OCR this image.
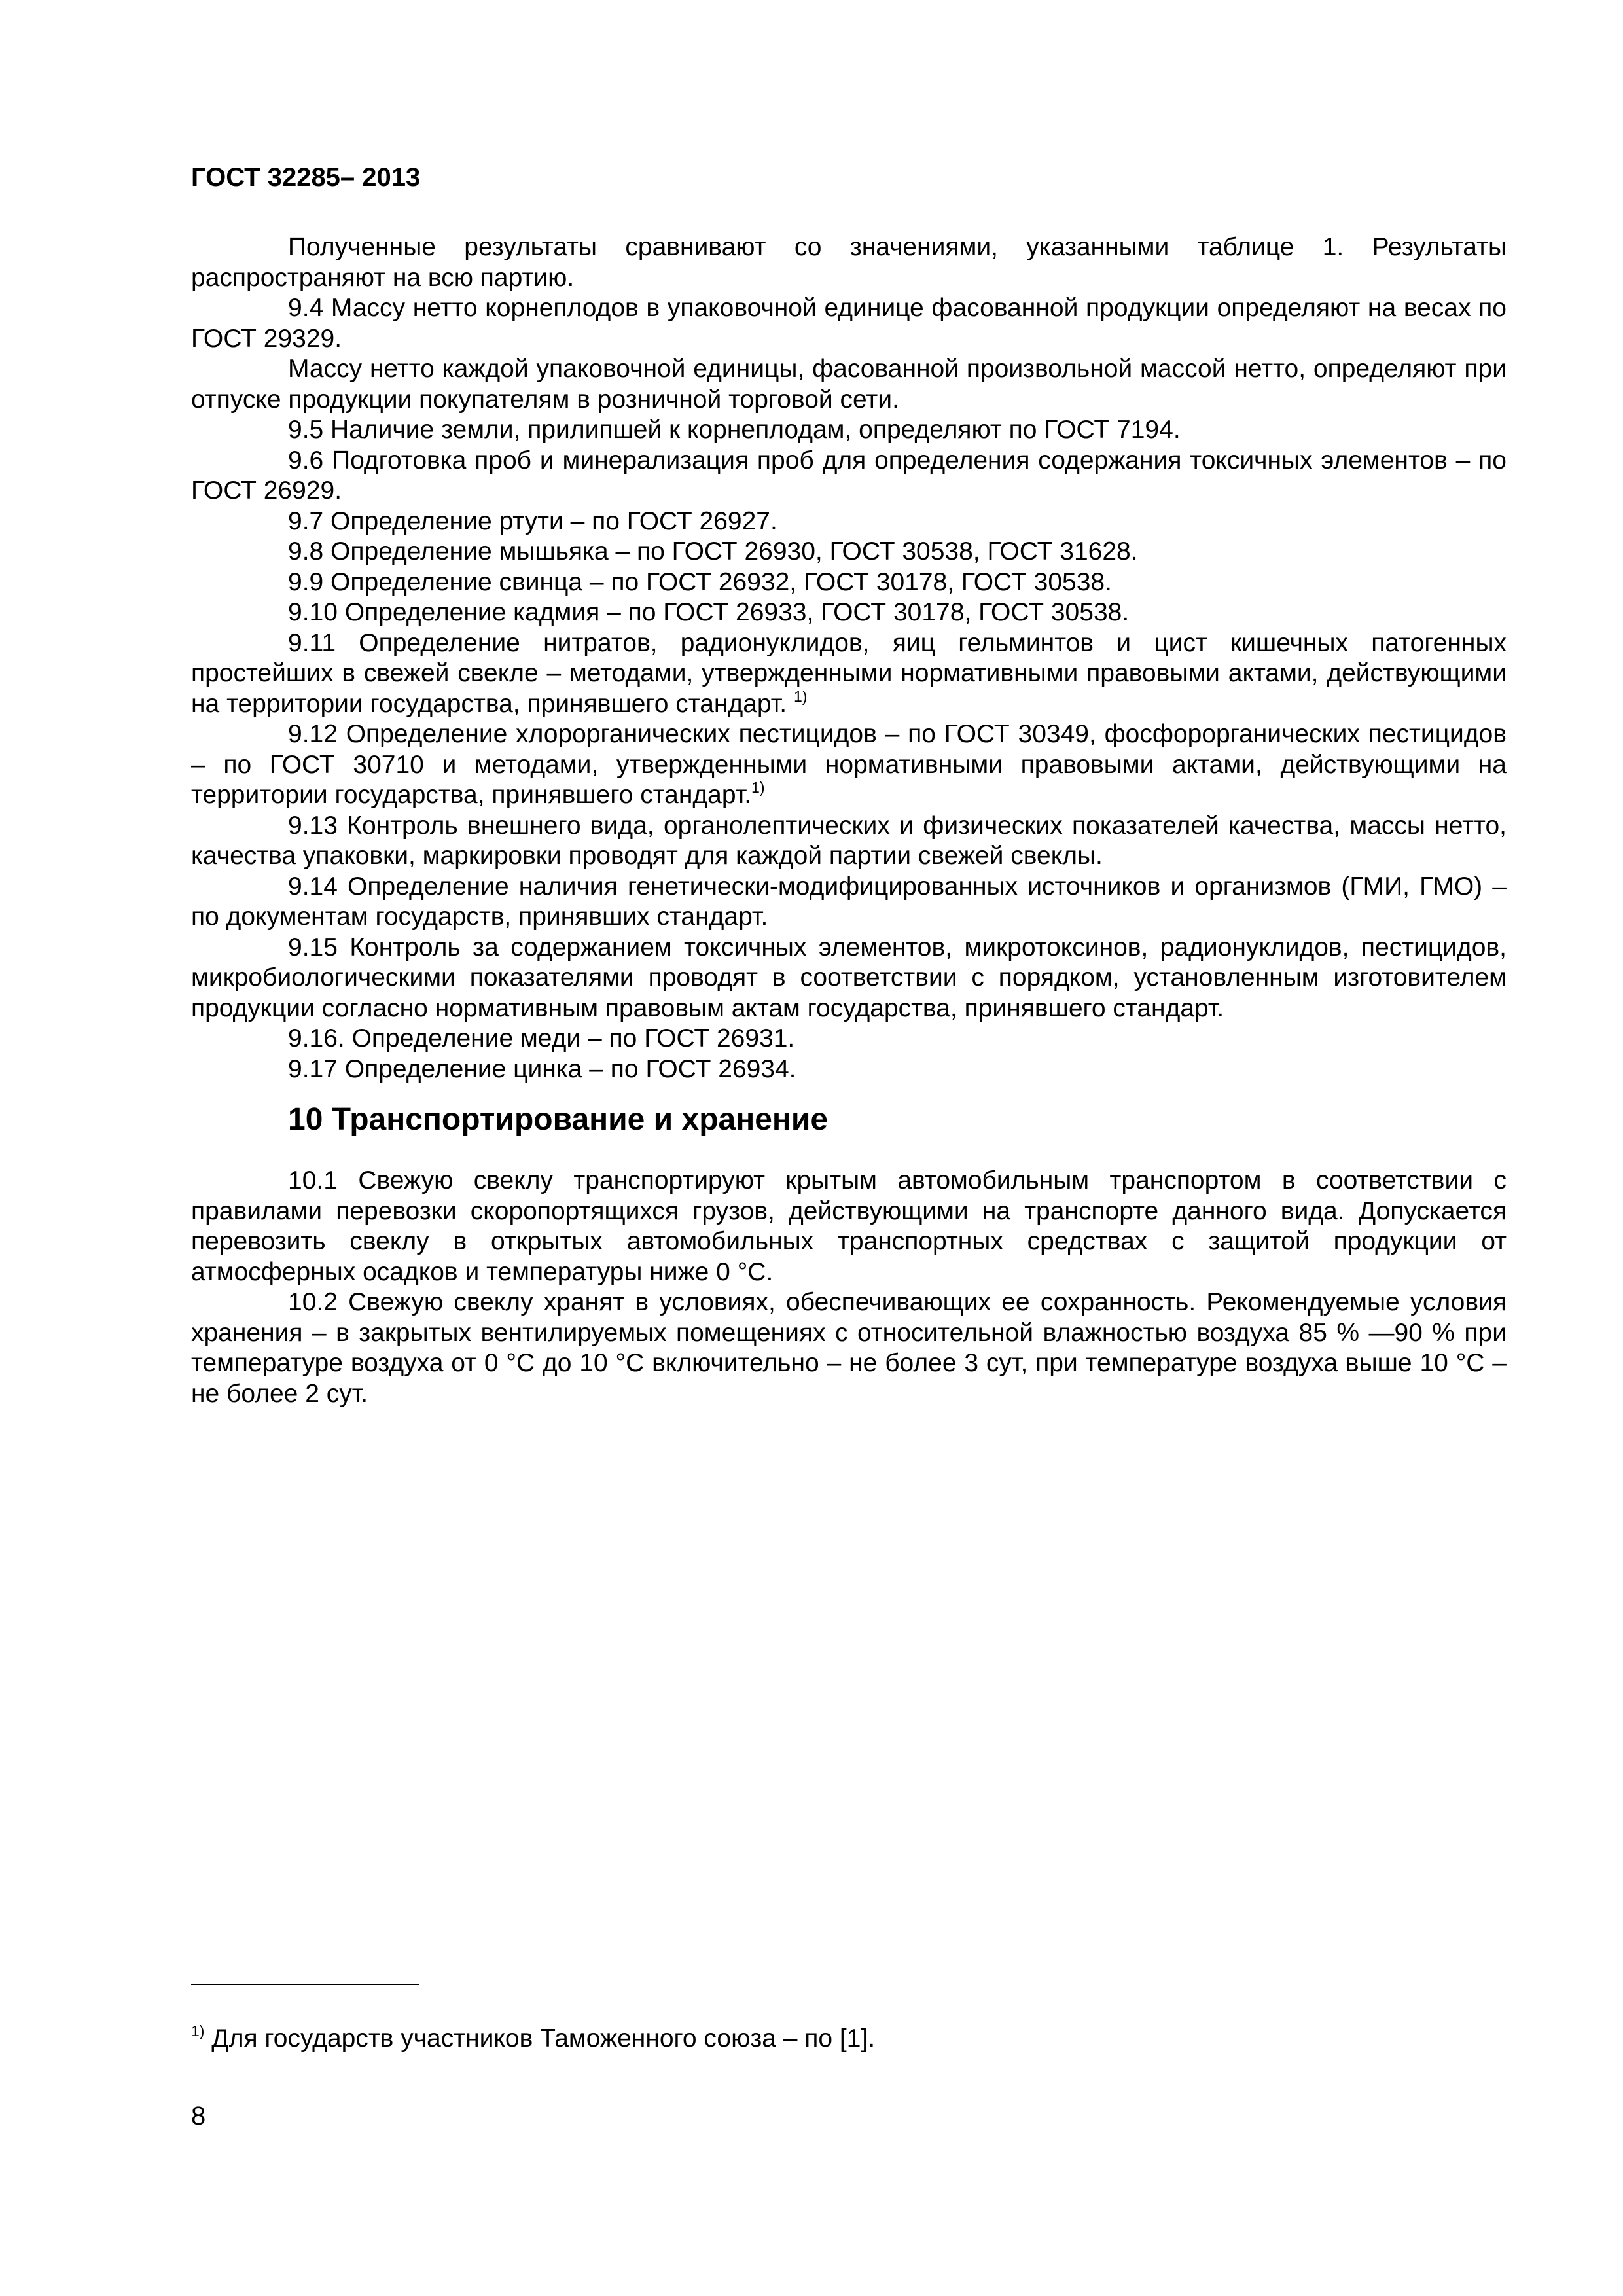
ГОСТ 32285– 2013

Полученные результаты сравнивают со значениями, указанными таблице 1. Результаты распространяют на всю партию.

9.4 Массу нетто корнеплодов в упаковочной единице фасованной продукции определяют на весах по ГОСТ 29329.

Массу нетто каждой упаковочной единицы, фасованной произвольной массой нетто, определяют при отпуске продукции покупателям в розничной торговой сети.

9.5 Наличие земли, прилипшей к корнеплодам, определяют по ГОСТ 7194.

9.6 Подготовка проб и минерализация проб для определения содержания токсичных элементов – по ГОСТ 26929.

9.7 Определение ртути – по ГОСТ 26927.

9.8 Определение мышьяка – по ГОСТ 26930, ГОСТ 30538, ГОСТ 31628.

9.9 Определение свинца – по ГОСТ 26932, ГОСТ 30178, ГОСТ 30538.

9.10 Определение кадмия – по ГОСТ 26933, ГОСТ 30178, ГОСТ 30538.

9.11 Определение нитратов, радионуклидов, яиц гельминтов и цист кишечных патогенных простейших в свежей свекле – методами, утвержденными нормативными правовыми актами, действующими на территории государства, принявшего стандарт. $^{1)}$

9.12 Определение хлорорганических пестицидов – по ГОСТ 30349, фосфорорганических пестицидов – по ГОСТ 30710 и методами, утвержденными нормативными правовыми актами, действующими на территории государства, принявшего стандарт.$^{1)}$

9.13 Контроль внешнего вида, органолептических и физических показателей качества, массы нетто, качества упаковки, маркировки проводят для каждой партии свежей свеклы.

9.14 Определение наличия генетически-модифицированных источников и организмов (ГМИ, ГМО) – по документам государств, принявших стандарт.

9.15 Контроль за содержанием токсичных элементов, микротоксинов, радионуклидов, пестицидов, микробиологическими показателями проводят в соответствии с порядком, установленным изготовителем продукции согласно нормативным правовым актам государства, принявшего стандарт.

9.16. Определение меди – по ГОСТ 26931.

9.17 Определение цинка – по ГОСТ 26934.

10 Транспортирование и хранение

10.1 Свежую свеклу транспортируют крытым автомобильным транспортом в соответствии с правилами перевозки скоропортящихся грузов, действующими на транспорте данного вида. Допускается перевозить свеклу в открытых автомобильных транспортных средствах с защитой продукции от атмосферных осадков и температуры ниже 0 °С.

10.2 Свежую свеклу хранят в условиях, обеспечивающих ее сохранность. Рекомендуемые условия хранения – в закрытых вентилируемых помещениях с относительной влажностью воздуха 85 % —90 % при температуре воздуха от 0 °С до 10 °С включительно – не более 3 сут, при температуре воздуха выше 10 °С – не более 2 сут.

$^{1)}$ Для государств участников Таможенного союза – по [1].
8
